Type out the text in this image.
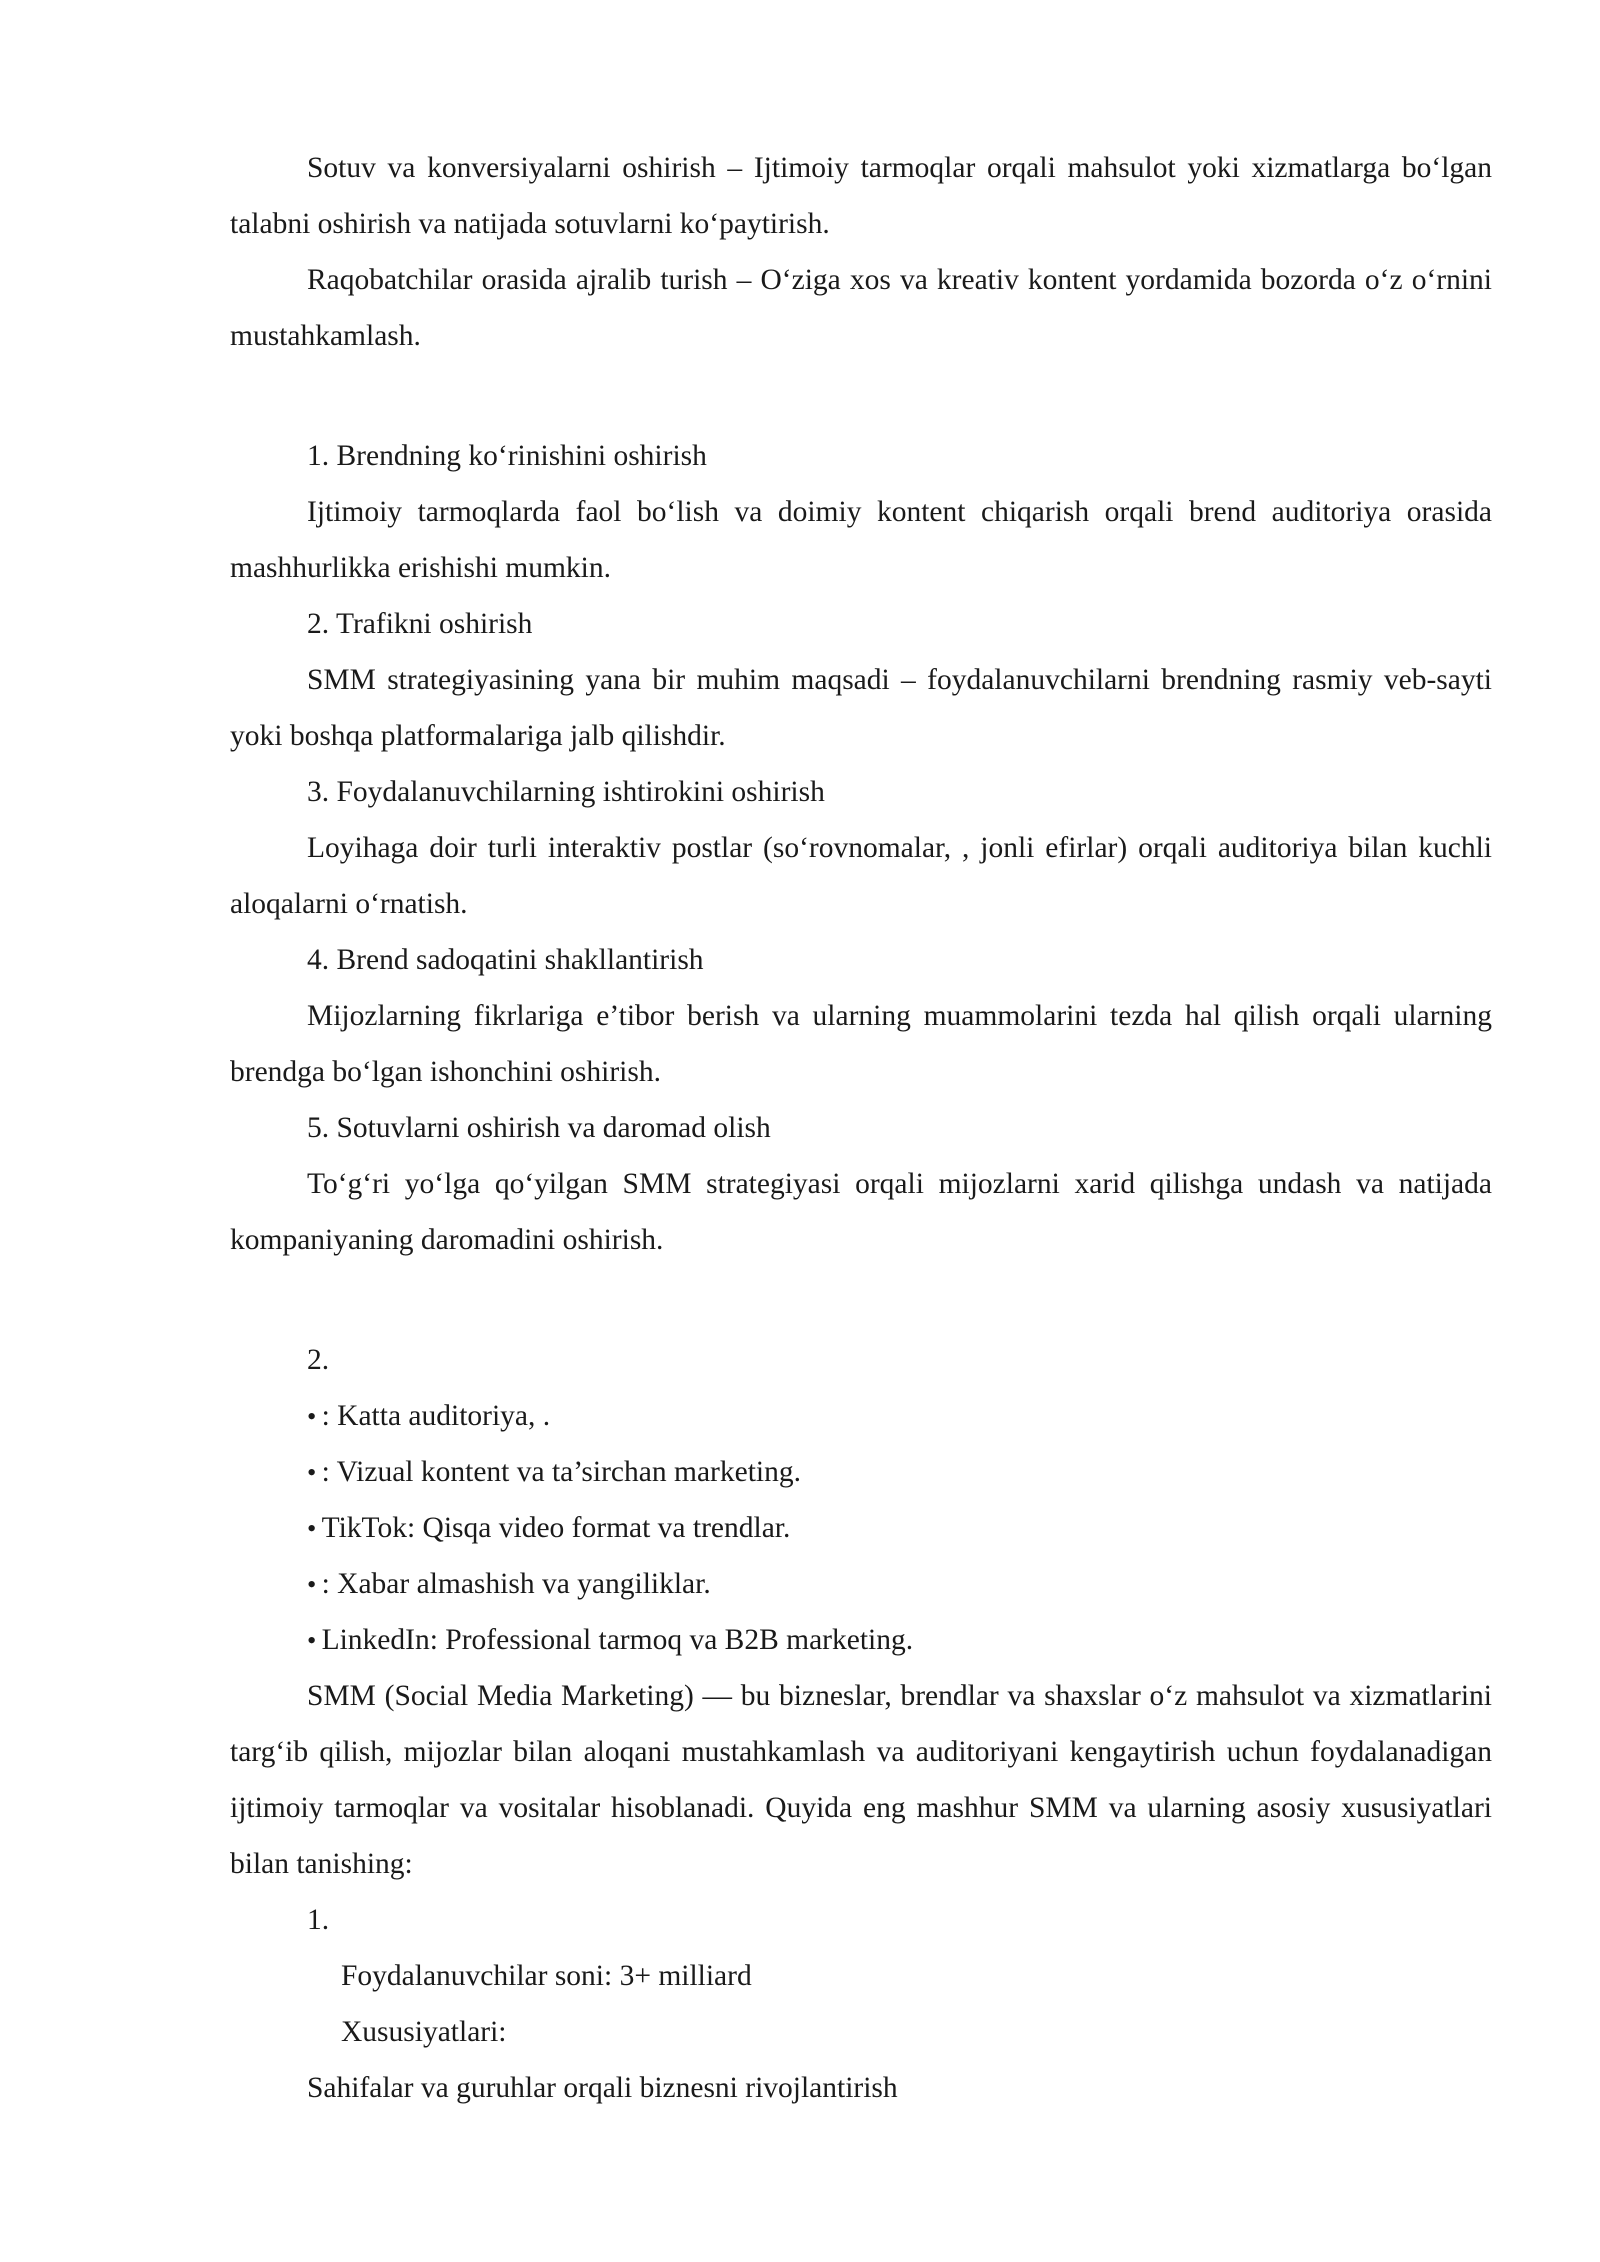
Sotuv va konversiyalarni oshirish – Ijtimoiy tarmoqlar orqali mahsulot yoki xizmatlarga bo‘lgan talabni oshirish va natijada sotuvlarni ko‘paytirish.

Raqobatchilar orasida ajralib turish – O‘ziga xos va kreativ kontent yordamida bozorda o‘z o‘rnini mustahkamlash.

1. Brendning ko‘rinishini oshirish

Ijtimoiy tarmoqlarda faol bo‘lish va doimiy kontent chiqarish orqali brend auditoriya orasida mashhurlikka erishishi mumkin.

2. Trafikni oshirish

SMM strategiyasining yana bir muhim maqsadi – foydalanuvchilarni brendning rasmiy veb-sayti yoki boshqa platformalariga jalb qilishdir.

3. Foydalanuvchilarning ishtirokini oshirish

Loyihaga doir turli interaktiv postlar (so‘rovnomalar, , jonli efirlar) orqali auditoriya bilan kuchli aloqalarni o‘rnatish.

4. Brend sadoqatini shakllantirish

Mijozlarning fikrlariga e’tibor berish va ularning muammolarini tezda hal qilish orqali ularning brendga bo‘lgan ishonchini oshirish.

5. Sotuvlarni oshirish va daromad olish

To‘g‘ri yo‘lga qo‘yilgan SMM strategiyasi orqali mijozlarni xarid qilishga undash va natijada kompaniyaning daromadini oshirish.

2.

• : Katta auditoriya, .

• : Vizual kontent va ta’sirchan marketing.

• TikTok: Qisqa video format va trendlar.

• : Xabar almashish va yangiliklar.

• LinkedIn: Professional tarmoq va B2B marketing.

SMM (Social Media Marketing) — bu bizneslar, brendlar va shaxslar o‘z mahsulot va xizmatlarini targ‘ib qilish, mijozlar bilan aloqani mustahkamlash va auditoriyani kengaytirish uchun foydalanadigan ijtimoiy tarmoqlar va vositalar hisoblanadi. Quyida eng mashhur SMM va ularning asosiy xususiyatlari bilan tanishing:

1.

Foydalanuvchilar soni: 3+ milliard

Xususiyatlari:

Sahifalar va guruhlar orqali biznesni rivojlantirish
